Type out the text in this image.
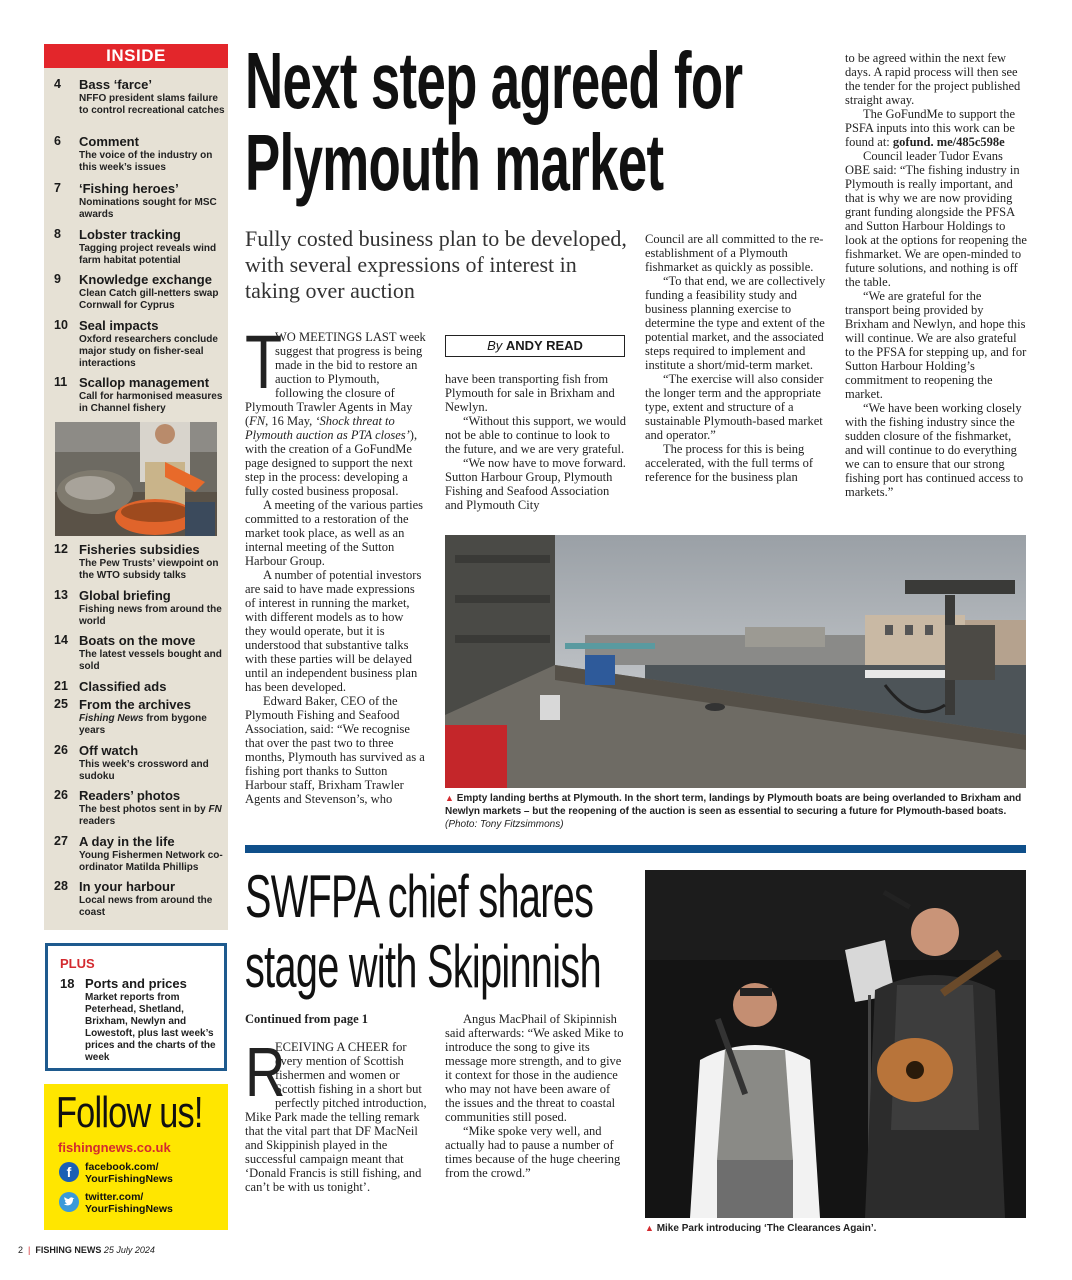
INSIDE
4 Bass ‘farce’
NFFO president slams failure to control recreational catches
6 Comment
The voice of the industry on this week’s issues
7 ‘Fishing heroes’
Nominations sought for MSC awards
8 Lobster tracking
Tagging project reveals wind farm habitat potential
9 Knowledge exchange
Clean Catch gill-netters swap Cornwall for Cyprus
10 Seal impacts
Oxford researchers conclude major study on fisher-seal interactions
11 Scallop management
Call for harmonised measures in Channel fishery
12 Fisheries subsidies
The Pew Trusts’ viewpoint on the WTO subsidy talks
13 Global briefing
Fishing news from around the world
14 Boats on the move
The latest vessels bought and sold
21 Classified ads
25 From the archives
Fishing News from bygone years
26 Off watch
This week’s crossword and sudoku
26 Readers’ photos
The best photos sent in by FN readers
27 A day in the life
Young Fishermen Network co-ordinator Matilda Phillips
28 In your harbour
Local news from around the coast
PLUS
18 Ports and prices
Market reports from Peterhead, Shetland, Brixham, Newlyn and Lowestoft, plus last week’s prices and the charts of the week
Follow us!
fishingnews.co.uk
f	facebook.com/ YourFishingNews
twitter.com/ YourFishingNews
Next step agreed for
Plymouth market
Fully costed business plan to be developed, with several expressions of interest in taking over auction
By ANDY READ

T
WO MEETINGS LAST week suggest that progress is being made in the bid to restore an auction to Plymouth, following the closure of Plymouth Trawler Agents in May (FN, 16 May, ‘Shock threat to Plymouth auction as PTA closes’), with the creation of a GoFundMe page designed to support the next step in the process: developing a fully costed business proposal.

A meeting of the various parties committed to a restoration of the market took place, as well as an internal meeting of the Sutton Harbour Group.

A number of potential investors are said to have made expressions of interest in running the market, with different models as to how they would operate, but it is understood that substantive talks with these parties will be delayed until an independent business plan has been developed.

Edward Baker, CEO of the Plymouth Fishing and Seafood Association, said: “We recognise that over the past two to three months, Plymouth has survived as a fishing port thanks to Sutton Harbour staff, Brixham Trawler Agents and Stevenson’s, who

have been transporting fish from Plymouth for sale in Brixham and Newlyn.

“Without this support, we would not be able to continue to look to the future, and we are very grateful.

“We now have to move forward. Sutton Harbour Group, Plymouth Fishing and Seafood Association and Plymouth City

Council are all committed to the re-establishment of a Plymouth fishmarket as quickly as possible.

“To that end, we are collectively funding a feasibility study and business planning exercise to determine the type and extent of the potential market, and the associated steps required to implement and institute a short/mid-term market.

“The exercise will also consider the longer term and the appropriate type, extent and structure of a sustainable Plymouth-based market and operator.”

The process for this is being accelerated, with the full terms of reference for the business plan

to be agreed within the next few days. A rapid process will then see the tender for the project published straight away.

The GoFundMe to support the PSFA inputs into this work can be found at: gofund. me/485c598e

Council leader Tudor Evans OBE said: “The fishing industry in Plymouth is really important, and that is why we are now providing grant funding alongside the PFSA and Sutton Harbour Holdings to look at the options for reopening the fishmarket. We are open-minded to future solutions, and nothing is off the table.

“We are grateful for the transport being provided by Brixham and Newlyn, and hope this will continue. We are also grateful to the PFSA for stepping up, and for Sutton Harbour Holding’s commitment to reopening the market.

“We have been working closely with the fishing industry since the sudden closure of the fishmarket, and will continue to do everything we can to ensure that our strong fishing port has continued access to markets.”

▲ Empty landing berths at Plymouth. In the short term, landings by Plymouth boats are being overlanded to Brixham and Newlyn markets – but the reopening of the auction is seen as essential to securing a future for Plymouth-based boats. (Photo: Tony Fitzsimmons)
SWFPA chief shares
stage with Skipinnish
Continued from page 1

R
ECEIVING A CHEER for every mention of Scottish fishermen and women or Scottish fishing in a short but perfectly pitched introduction, Mike Park made the telling remark that the vital part that DF MacNeil and Skippinish played in the successful campaign meant that ‘Donald Francis is still fishing, and can’t be with us tonight’.

Angus MacPhail of Skipinnish said afterwards: “We asked Mike to introduce the song to give its message more strength, and to give it context for those in the audience who may not have been aware of the issues and the threat to coastal communities still posed.

“Mike spoke very well, and actually had to pause a number of times because of the huge cheering from the crowd.”

▲ Mike Park introducing ‘The Clearances Again’.
2 | FISHING NEWS 25 July 2024
